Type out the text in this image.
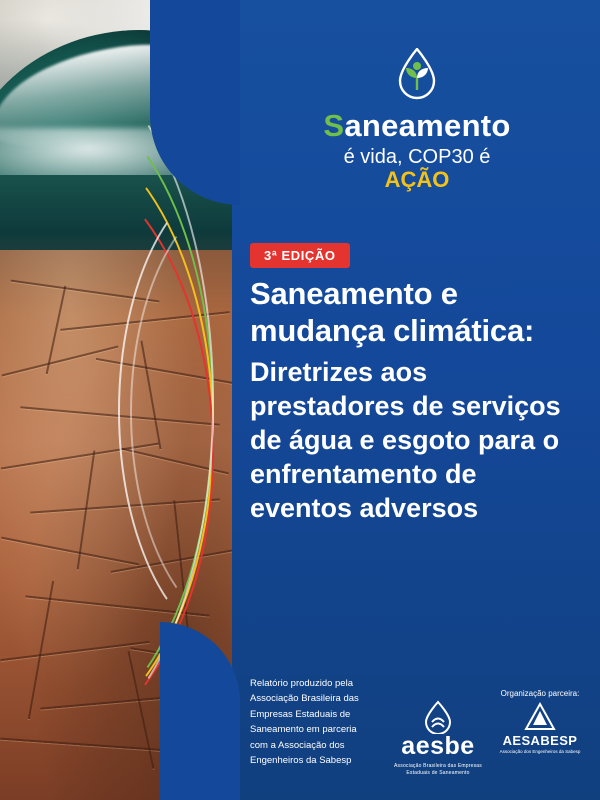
Saneamento
é vida, COP30 é
AÇÃO
3ª EDIÇÃO
Saneamento e mudança climática:
Diretrizes aos prestadores de serviços de água e esgoto para o enfrentamento de eventos adversos
Relatório produzido pela
Associação Brasileira das
Empresas Estaduais de
Saneamento em parceria
com a Associação dos
Engenheiros da Sabesp
aesbe
Associação Brasileira das Empresas
Estaduais de Saneamento
Organização parceira:
AESABESP
Associação dos Engenheiros da Sabesp
